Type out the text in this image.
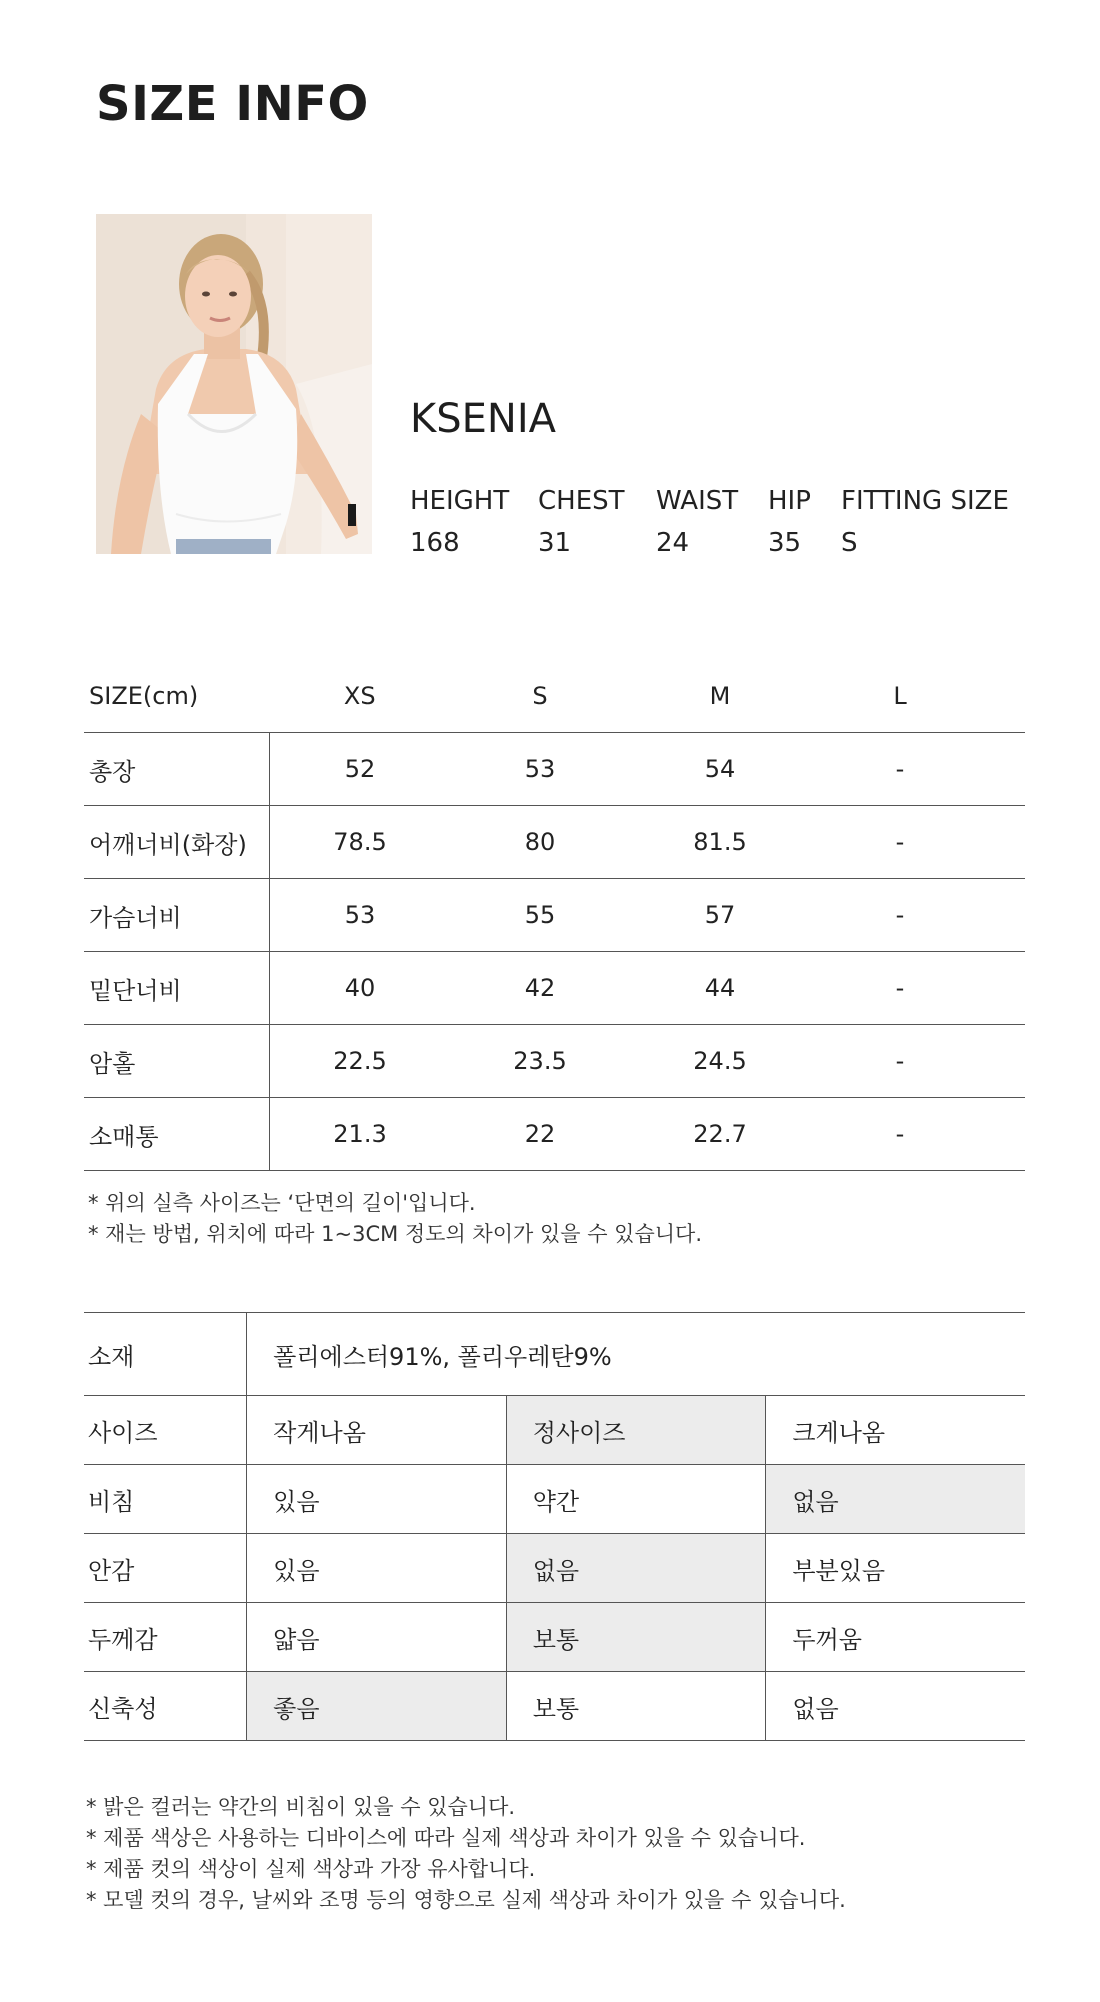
SIZE INFO
KSENIA
HEIGHT CHEST WAIST HIP FITTING SIZE
168	31	24	35 S
SIZE(cm)	XS	S	M	L	
총장	52	53	54	-	
어깨너비(화장)	78.5	80	81.5	-	
가슴너비	53	55	57	-	
밑단너비	40	42	44	-	
암홀	22.5	23.5	24.5	-	
소매통	21.3	22	22.7	-	
* 위의 실측 사이즈는 ‘단면의 길이'입니다.
* 재는 방법, 위치에 따라 1~3CM 정도의 차이가 있을 수 있습니다.
소재	폴리에스터91%, 폴리우레탄9%		
사이즈	작게나옴	정사이즈	크게나옴
비침	있음	약간	없음
안감	있음	없음	부분있음
두께감	얇음	보통	두꺼움
신축성	좋음	보통	없음
* 밝은 컬러는 약간의 비침이 있을 수 있습니다.
* 제품 색상은 사용하는 디바이스에 따라 실제 색상과 차이가 있을 수 있습니다.
* 제품 컷의 색상이 실제 색상과 가장 유사합니다.
* 모델 컷의 경우, 날씨와 조명 등의 영향으로 실제 색상과 차이가 있을 수 있습니다.
